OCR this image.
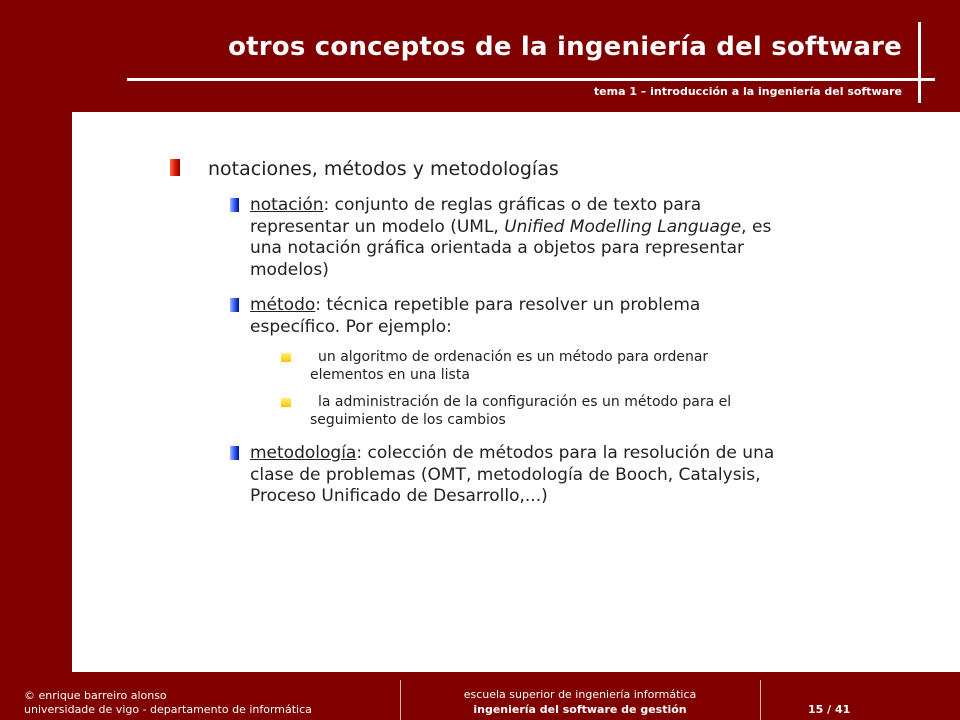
otros conceptos de la ingeniería del software
tema 1 – introducción a la ingeniería del software
notaciones, métodos y metodologías
notación: conjunto de reglas gráficas o de texto para
representar un modelo (UML, Unified Modelling Language, es
una notación gráfica orientada a objetos para representar
modelos)
método: técnica repetible para resolver un problema
específico. Por ejemplo:
un algoritmo de ordenación es un método para ordenar
elementos en una lista
la administración de la configuración es un método para el
seguimiento de los cambios
metodología: colección de métodos para la resolución de una
clase de problemas (OMT, metodología de Booch, Catalysis,
Proceso Unificado de Desarrollo,...)
© enrique barreiro alonso
universidade de vigo - departamento de informática
escuela superior de ingeniería informática
ingeniería del software de gestión	15 / 41
